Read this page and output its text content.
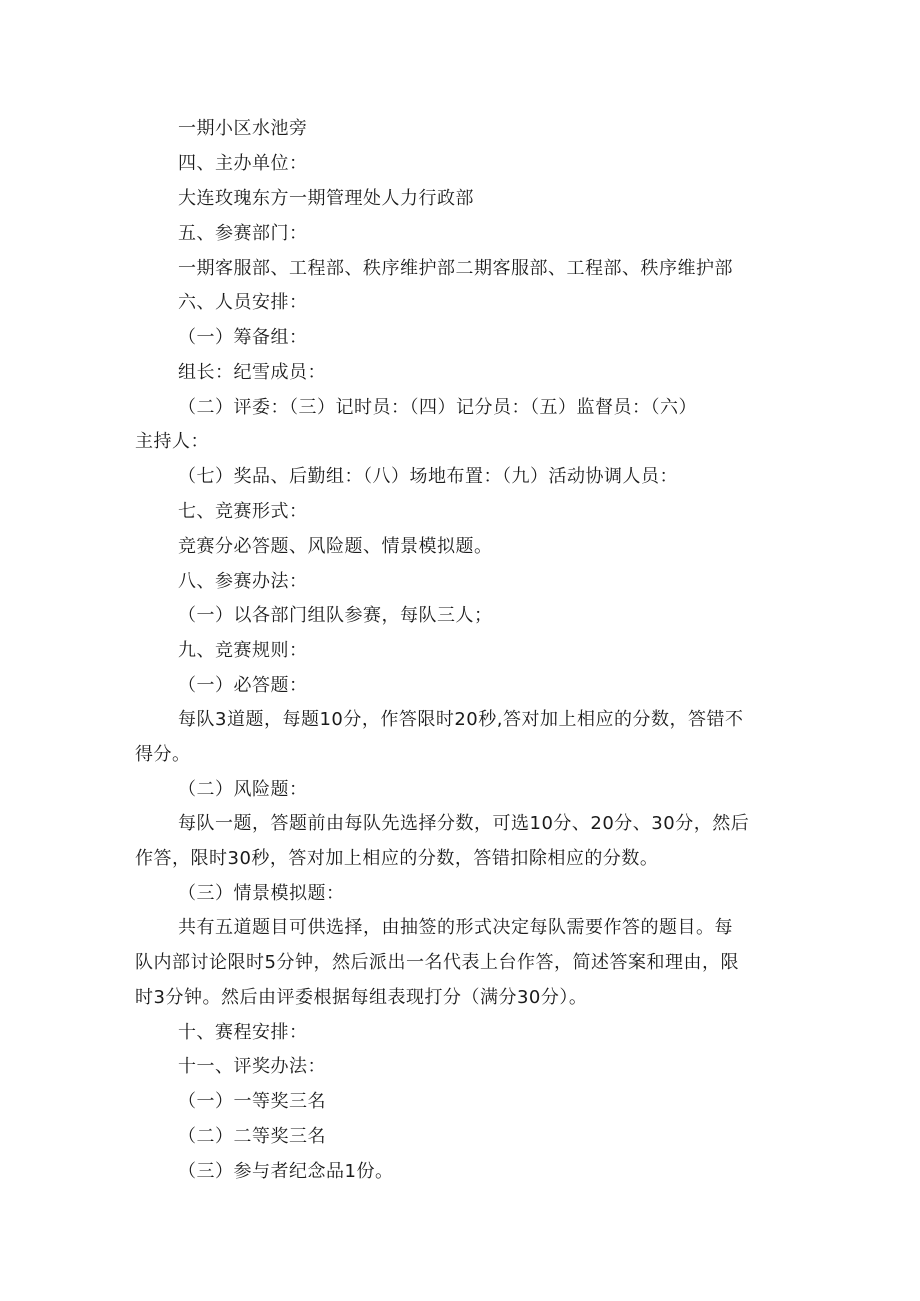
一期小区水池旁
四、主办单位：
大连玫瑰东方一期管理处人力行政部
五、参赛部门：
一期客服部、工程部、秩序维护部二期客服部、工程部、秩序维护部
六、人员安排：
（一）筹备组：
组长：纪雪成员：
（二）评委：（三）记时员：（四）记分员：（五）监督员：（六）
主持人：
（七）奖品、后勤组：（八）场地布置：（九）活动协调人员：
七、竞赛形式：
竞赛分必答题、风险题、情景模拟题。
八、参赛办法：
（一）以各部门组队参赛，每队三人；
九、竞赛规则：
（一）必答题：
每队3道题，每题10分，作答限时20秒,答对加上相应的分数，答错不
得分。
（二）风险题：
每队一题，答题前由每队先选择分数，可选10分、20分、30分，然后
作答，限时30秒，答对加上相应的分数，答错扣除相应的分数。
（三）情景模拟题：
共有五道题目可供选择，由抽签的形式决定每队需要作答的题目。每
队内部讨论限时5分钟，然后派出一名代表上台作答，简述答案和理由，限
时3分钟。然后由评委根据每组表现打分（满分30分）。
十、赛程安排：
十一、评奖办法：
（一）一等奖三名
（二）二等奖三名
（三）参与者纪念品1份。
